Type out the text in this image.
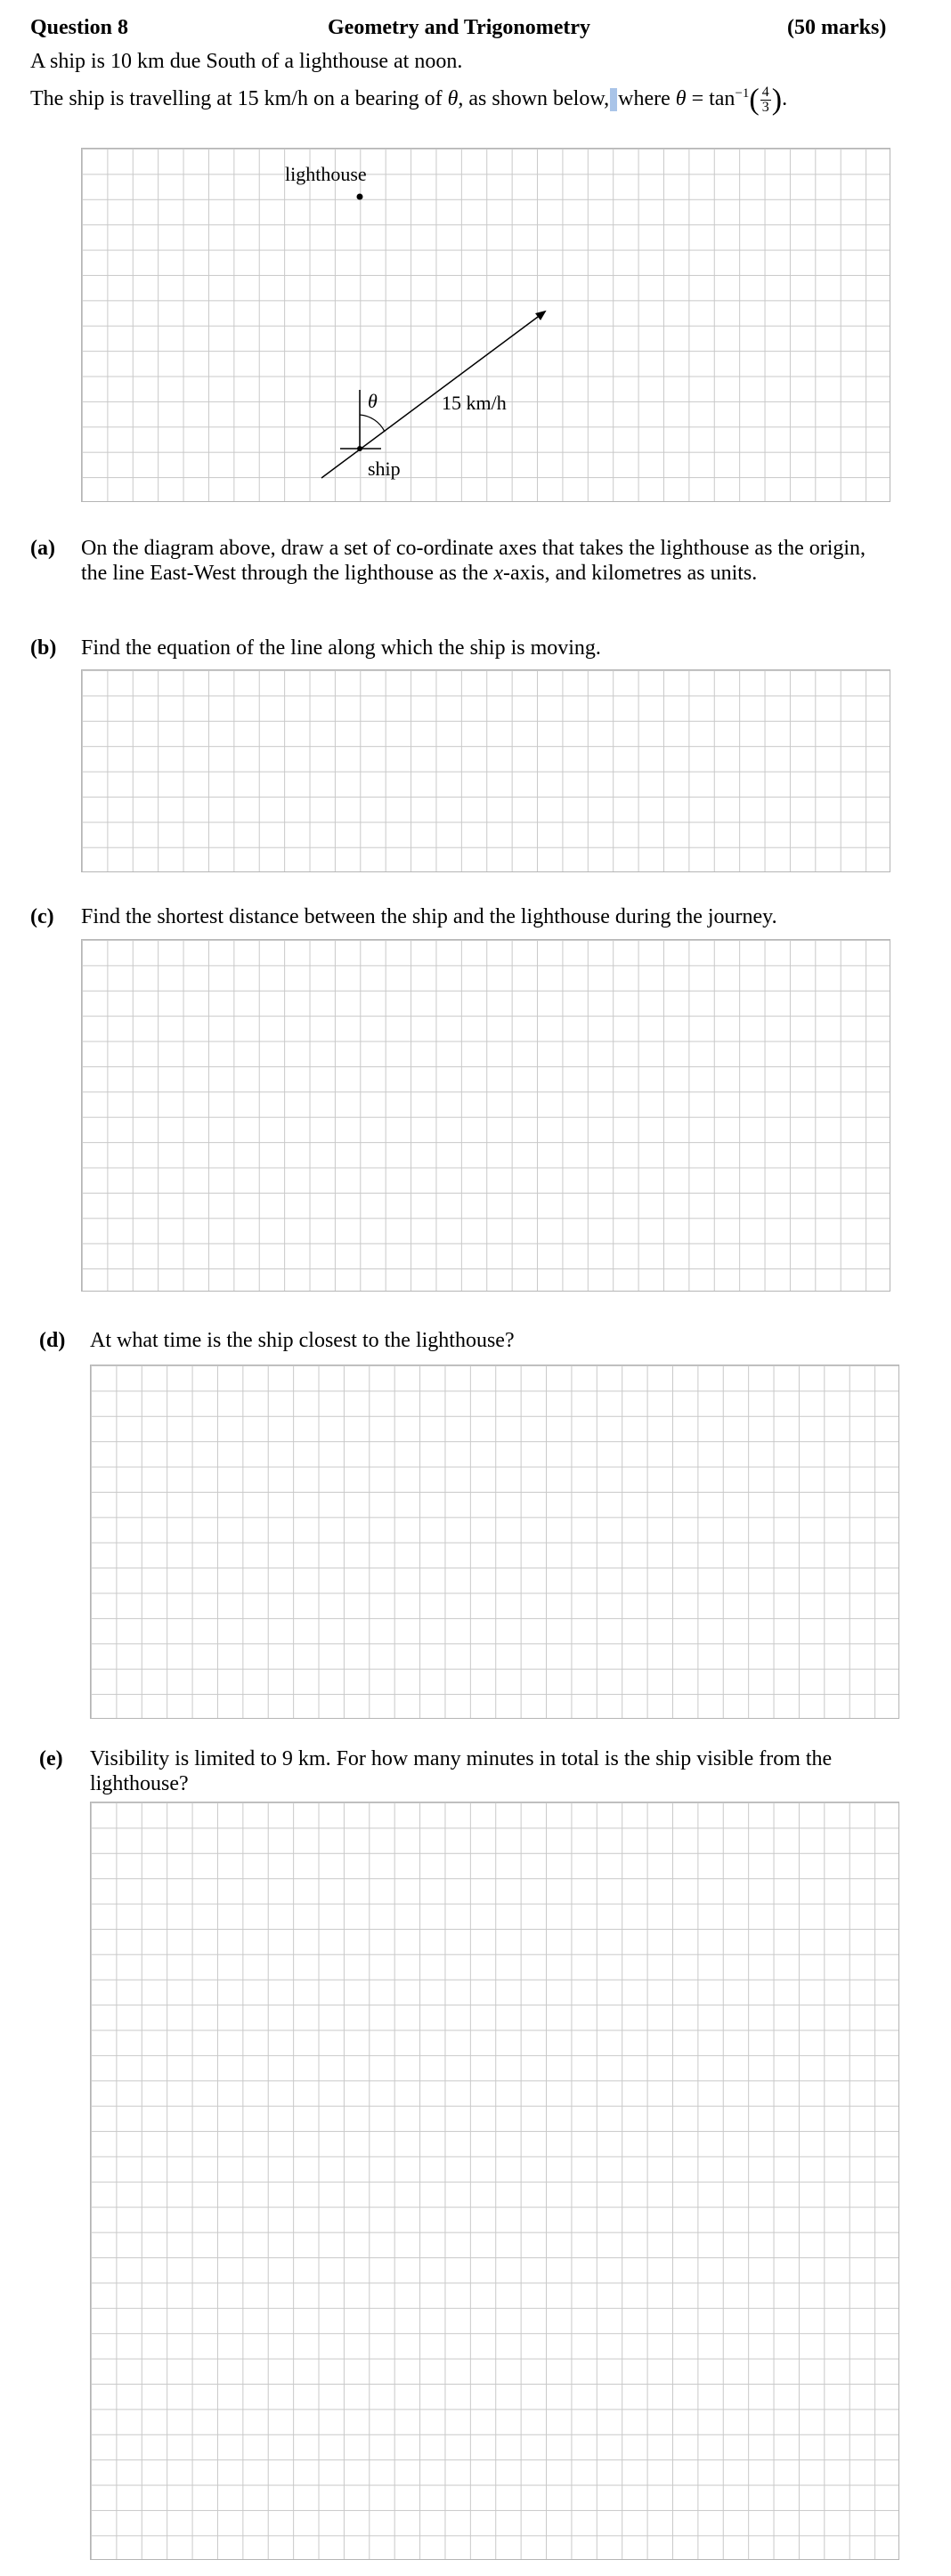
Question 8	Geometry and Trigonometry	(50 marks)
A ship is 10 km due South of a lighthouse at noon.
The ship is travelling at 15 km/h on a bearing of θ, as shown below, where $\theta = \tan^{-1}( \frac{4}{3}$ ).
lighthouse
θ	15 km/h
ship
(a) On the diagram above, draw a set of co-ordinate axes that takes the lighthouse as the origin,
the line East-West through the lighthouse as the x-axis, and kilometres as units.
(b) Find the equation of the line along which the ship is moving.
(c) Find the shortest distance between the ship and the lighthouse during the journey.
(d) At what time is the ship closest to the lighthouse?
(e) Visibility is limited to 9 km. For how many minutes in total is the ship visible from the
lighthouse?
